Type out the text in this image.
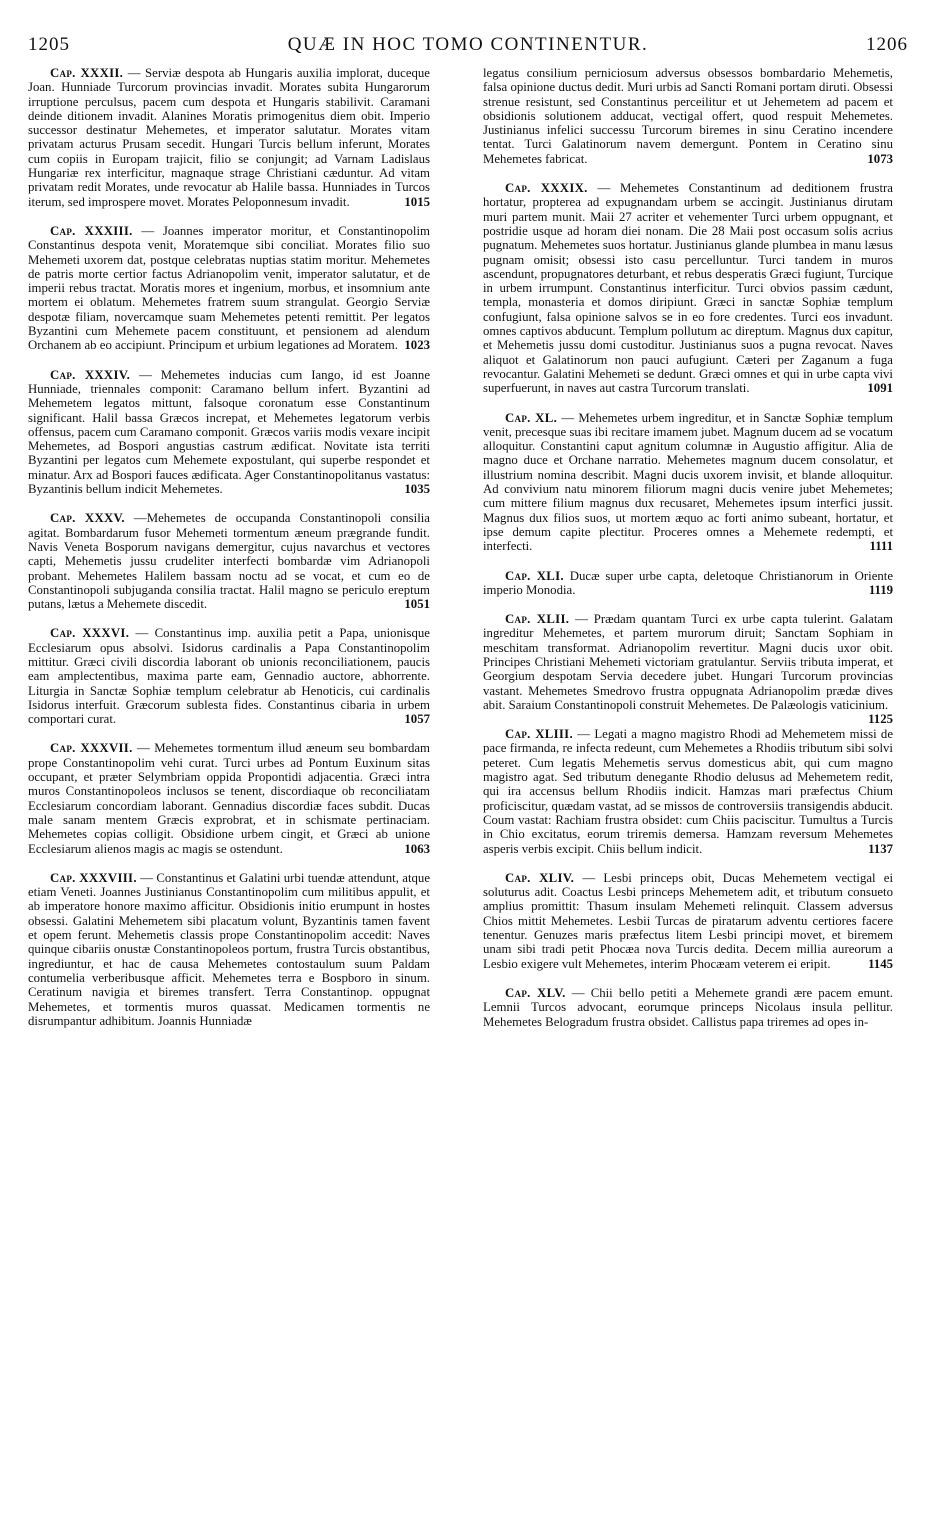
1205	QUÆ IN HOC TOMO CONTINENTUR.	1206

Cap. XXXII. — Serviæ despota ab Hungaris auxilia implorat, duceque Joan. Hunniade Turcorum provincias invadit. Morates subita Hungarorum irruptione perculsus, pacem cum despota et Hungaris stabilivit. Caramani deinde ditionem invadit. Alanines Moratis primogenitus diem obit. Imperio successor destinatur Mehemetes, et imperator salutatur. Morates vitam privatam acturus Prusam secedit. Hungari Turcis bellum inferunt, Morates cum copiis in Europam trajicit, filio se conjungit; ad Varnam Ladislaus Hungariæ rex interficitur, magnaque strage Christiani cæduntur. Ad vitam privatam redit Morates, unde revocatur ab Halile bassa. Hunniades in Turcos iterum, sed improspere movet. Morates Peloponnesum invadit.	1015

Cap. XXXIII. — Joannes imperator moritur, et Constantinopolim Constantinus despota venit, Moratemque sibi conciliat. Morates filio suo Mehemeti uxorem dat, postque celebratas nuptias statim moritur. Mehemetes de patris morte certior factus Adrianopolim venit, imperator salutatur, et de imperii rebus tractat. Moratis mores et ingenium, morbus, et insomnium ante mortem ei oblatum. Mehemetes fratrem suum strangulat. Georgio Serviæ despotæ filiam, novercamque suam Mehemetes petenti remittit. Per legatos Byzantini cum Mehemete pacem constituunt, et pensionem ad alendum Orchanem ab eo accipiunt. Principum et urbium legationes ad Moratem. 1023

Cap. XXXIV. — Mehemetes inducias cum Iango, id est Joanne Hunniade, triennales componit: Caramano bellum infert. Byzantini ad Mehemetem legatos mittunt, falsoque coronatum esse Constantinum significant. Halil bassa Græcos increpat, et Mehemetes legatorum verbis offensus, pacem cum Caramano componit. Græcos variis modis vexare incipit Mehemetes, ad Bospori angustias castrum ædificat. Novitate ista territi Byzantini per legatos cum Mehemete expostulant, qui superbe respondet et minatur. Arx ad Bospori fauces ædificata. Ager Constantinopolitanus vastatus: Byzantinis bellum indicit Mehemetes.	1035

Cap. XXXV. —Mehemetes de occupanda Constantinopoli consilia agitat. Bombardarum fusor Mehemeti tormentum æneum prægrande fundit. Navis Veneta Bosporum navigans demergitur, cujus navarchus et vectores capti, Mehemetis jussu crudeliter interfecti bombardæ vim Adrianopoli probant. Mehemetes Halilem bassam noctu ad se vocat, et cum eo de Constantinopoli subjuganda consilia tractat. Halil magno se periculo ereptum putans, lætus a Mehemete discedit.	1051

Cap. XXXVI. — Constantinus imp. auxilia petit a Papa, unionisque Ecclesiarum opus absolvi. Isidorus cardinalis a Papa Constantinopolim mittitur. Græci civili discordia laborant ob unionis reconciliationem, paucis eam amplectentibus, maxima parte eam, Gennadio auctore, abhorrente. Liturgia in Sanctæ Sophiæ templum celebratur ab Henoticis, cui cardinalis Isidorus interfuit. Græcorum sublesta fides. Constantinus cibaria in urbem comportari curat.	1057

Cap. XXXVII. — Mehemetes tormentum illud æneum seu bombardam prope Constantinopolim vehi curat. Turci urbes ad Pontum Euxinum sitas occupant, et præter Selymbriam oppida Propontidi adjacentia. Græci intra muros Constantinopoleos inclusos se tenent, discordiaque ob reconciliatam Ecclesiarum concordiam laborant. Gennadius discordiæ faces subdit. Ducas male sanam mentem Græcis exprobrat, et in schismate pertinaciam. Mehemetes copias colligit. Obsidione urbem cingit, et Græci ab unione Ecclesiarum alienos magis ac magis se ostendunt.	1063

Cap. XXXVIII. — Constantinus et Galatini urbi tuendæ attendunt, atque etiam Veneti. Joannes Justinianus Constantinopolim cum militibus appulit, et ab imperatore honore maximo afficitur. Obsidionis initio erumpunt in hostes obsessi. Galatini Mehemetem sibi placatum volunt, Byzantinis tamen favent et opem ferunt. Mehemetis classis prope Constantinopolim accedit: Naves quinque cibariis onustæ Constantinopoleos portum, frustra Turcis obstantibus, ingrediuntur, et hac de causa Mehemetes contostaulum suum Paldam contumelia verberibusque afficit. Mehemetes terra e Bospboro in sinum. Ceratinum navigia et biremes transfert. Terra Constantinop. oppugnat Mehemetes, et tormentis muros quassat. Medicamen tormentis ne disrumpantur adhibitum. Joannis Hunniadæ

legatus consilium perniciosum adversus obsessos bombardario Mehemetis, falsa opinione ductus dedit. Muri urbis ad Sancti Romani portam diruti. Obsessi strenue resistunt, sed Constantinus perceilitur et ut Jehemetem ad pacem et obsidionis solutionem adducat, vectigal offert, quod respuit Mehemetes. Justinianus infelici successu Turcorum biremes in sinu Ceratino incendere tentat. Turci Galatinorum navem demergunt. Pontem in Ceratino sinu Mehemetes fabricat.	1073

Cap. XXXIX. — Mehemetes Constantinum ad deditionem frustra hortatur, propterea ad expugnandam urbem se accingit. Justinianus dirutam muri partem munit. Maii 27 acriter et vehementer Turci urbem oppugnant, et postridie usque ad horam diei nonam. Die 28 Maii post occasum solis acrius pugnatum. Mehemetes suos hortatur. Justinianus glande plumbea in manu læsus pugnam omisit; obsessi isto casu percelluntur. Turci tandem in muros ascendunt, propugnatores deturbant, et rebus desperatis Græci fugiunt, Turcique in urbem irrumpunt. Constantinus interficitur. Turci obvios passim cædunt, templa, monasteria et domos diripiunt. Græci in sanctæ Sophiæ templum confugiunt, falsa opinione salvos se in eo fore credentes. Turci eos invadunt. omnes captivos abducunt. Templum pollutum ac direptum. Magnus dux capitur, et Mehemetis jussu domi custoditur. Justinianus suos a pugna revocat. Naves aliquot et Galatinorum non pauci aufugiunt. Cæteri per Zaganum a fuga revocantur. Galatini Mehemeti se dedunt. Græci omnes et qui in urbe capta vivi superfuerunt, in naves aut castra Turcorum translati.	1091

Cap. XL. — Mehemetes urbem ingreditur, et in Sanctæ Sophiæ templum venit, precesque suas ibi recitare imamem jubet. Magnum ducem ad se vocatum alloquitur. Constantini caput agnitum columnæ in Augustio affigitur. Alia de magno duce et Orchane narratio. Mehemetes magnum ducem consolatur, et illustrium nomina describit. Magni ducis uxorem invisit, et blande alloquitur. Ad convivium natu minorem filiorum magni ducis venire jubet Mehemetes; cum mittere filium magnus dux recusaret, Mehemetes ipsum interfici jussit. Magnus dux filios suos, ut mortem æquo ac forti animo subeant, hortatur, et ipse demum capite plectitur. Proceres omnes a Mehemete redempti, et interfecti.	1111

Cap. XLI. Ducæ super urbe capta, deletoque Christianorum in Oriente imperio Monodia.	1119

Cap. XLII. — Prædam quantam Turci ex urbe capta tulerint. Galatam ingreditur Mehemetes, et partem murorum diruit; Sanctam Sophiam in meschitam transformat. Adrianopolim revertitur. Magni ducis uxor obit. Principes Christiani Mehemeti victoriam gratulantur. Serviis tributa imperat, et Georgium despotam Servia decedere jubet. Hungari Turcorum provincias vastant. Mehemetes Smedrovo frustra oppugnata Adrianopolim prædæ dives abit. Saraium Constantinopoli construit Mehemetes. De Palæologis vaticinium.
1125

Cap. XLIII. — Legati a magno magistro Rhodi ad Mehemetem missi de pace firmanda, re infecta redeunt, cum Mehemetes a Rhodiis tributum sibi solvi peteret. Cum legatis Mehemetis servus domesticus abit, qui cum magno magistro agat. Sed tributum denegante Rhodio delusus ad Mehemetem redit, qui ira accensus bellum Rhodiis indicit. Hamzas mari præfectus Chium proficiscitur, quædam vastat, ad se missos de controversiis transigendis abducit. Coum vastat: Rachiam frustra obsidet: cum Chiis paciscitur. Tumultus a Turcis in Chio excitatus, eorum triremis demersa. Hamzam reversum Mehemetes asperis verbis excipit. Chiis bellum indicit.	1137

Cap. XLIV. — Lesbi princeps obit, Ducas Mehemetem vectigal ei soluturus adit. Coactus Lesbi princeps Mehemetem adit, et tributum consueto amplius promittit: Thasum insulam Mehemeti relinquit. Classem adversus Chios mittit Mehemetes. Lesbii Turcas de piratarum adventu certiores facere tenentur. Genuzes maris præfectus litem Lesbi principi movet, et biremem unam sibi tradi petit Phocæa nova Turcis dedita. Decem millia aureorum a Lesbio exigere vult Mehemetes, interim Phocæam veterem ei eripit.	1145

Cap. XLV. — Chii bello petiti a Mehemete grandi ære pacem emunt. Lemnii Turcos advocant, eorumque princeps Nicolaus insula pellitur. Mehemetes Belogradum frustra obsidet. Callistus papa triremes ad opes in-
